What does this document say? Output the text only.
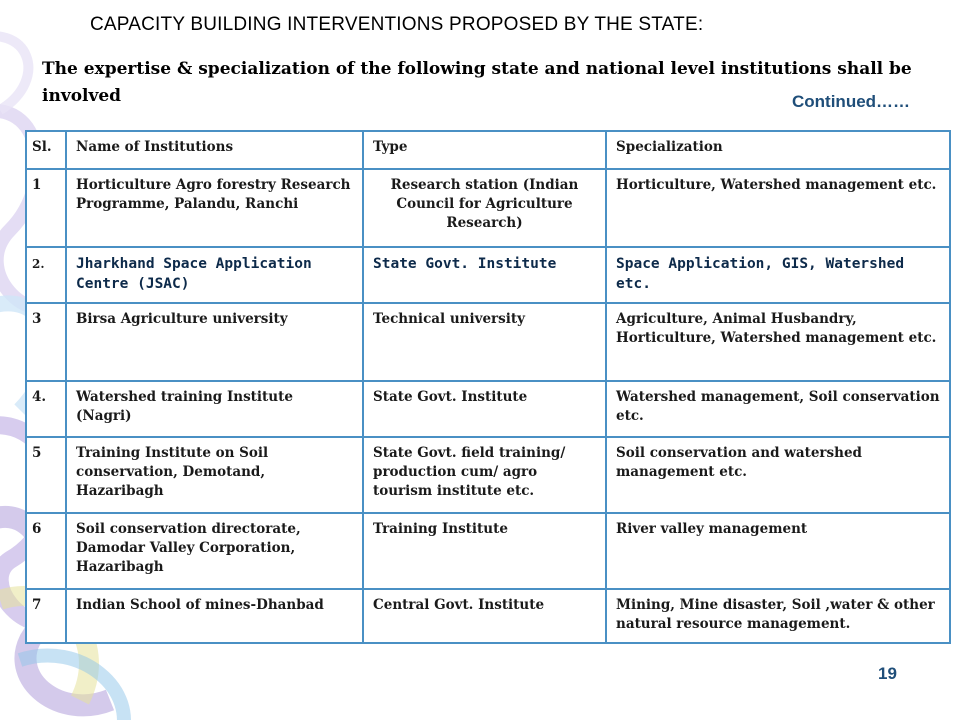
CAPACITY BUILDING INTERVENTIONS PROPOSED BY THE STATE:
The expertise & specialization of the following state and national level institutions shall be involved	Continued……
Sl.	Name of Institutions	Type	Specialization
1	Horticulture Agro forestry Research Programme, Palandu, Ranchi	Research station (Indian Council for Agriculture Research)	Horticulture, Watershed management etc.
2.	Jharkhand Space Application Centre (JSAC)	State Govt. Institute	Space Application, GIS, Watershed etc.
3	Birsa Agriculture university	Technical university	Agriculture, Animal Husbandry, Horticulture, Watershed management etc.
4.	Watershed training Institute (Nagri)	State Govt. Institute	Watershed management, Soil conservation etc.
5	Training Institute on Soil conservation, Demotand, Hazaribagh	State Govt. field training/ production cum/ agro tourism institute etc.	Soil conservation and watershed management etc.
6	Soil conservation directorate, Damodar Valley Corporation, Hazaribagh	Training Institute	River valley management
7	Indian School of mines-Dhanbad	Central Govt. Institute	Mining, Mine disaster, Soil ,water & other natural resource management.
19
